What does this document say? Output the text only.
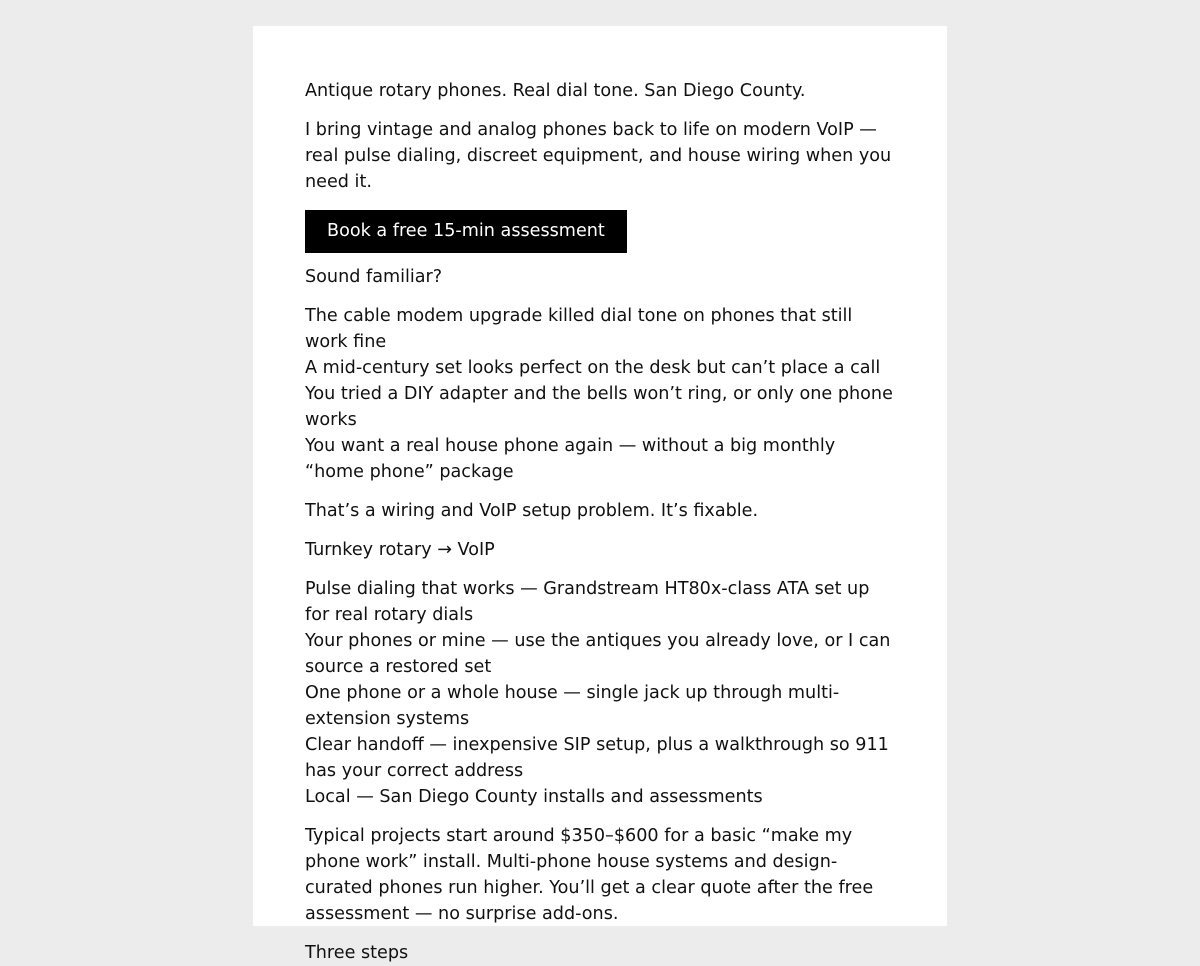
Antique rotary phones. Real dial tone. San Diego County.

I bring vintage and analog phones back to life on modern VoIP — real pulse dialing, discreet equipment, and house wiring when you need it.

Book a free 15-min assessment

Sound familiar?

The cable modem upgrade killed dial tone on phones that still work fine
A mid-century set looks perfect on the desk but can’t place a call
You tried a DIY adapter and the bells won’t ring, or only one phone works
You want a real house phone again — without a big monthly “home phone” package

That’s a wiring and VoIP setup problem. It’s fixable.

Turnkey rotary → VoIP

Pulse dialing that works — Grandstream HT80x-class ATA set up for real rotary dials
Your phones or mine — use the antiques you already love, or I can source a restored set
One phone or a whole house — single jack up through multi-extension systems
Clear handoff — inexpensive SIP setup, plus a walkthrough so 911 has your correct address
Local — San Diego County installs and assessments

Typical projects start around $350–$600 for a basic “make my phone work” install. Multi-phone house systems and design-curated phones run higher. You’ll get a clear quote after the free assessment — no surprise add-ons.

Three steps
